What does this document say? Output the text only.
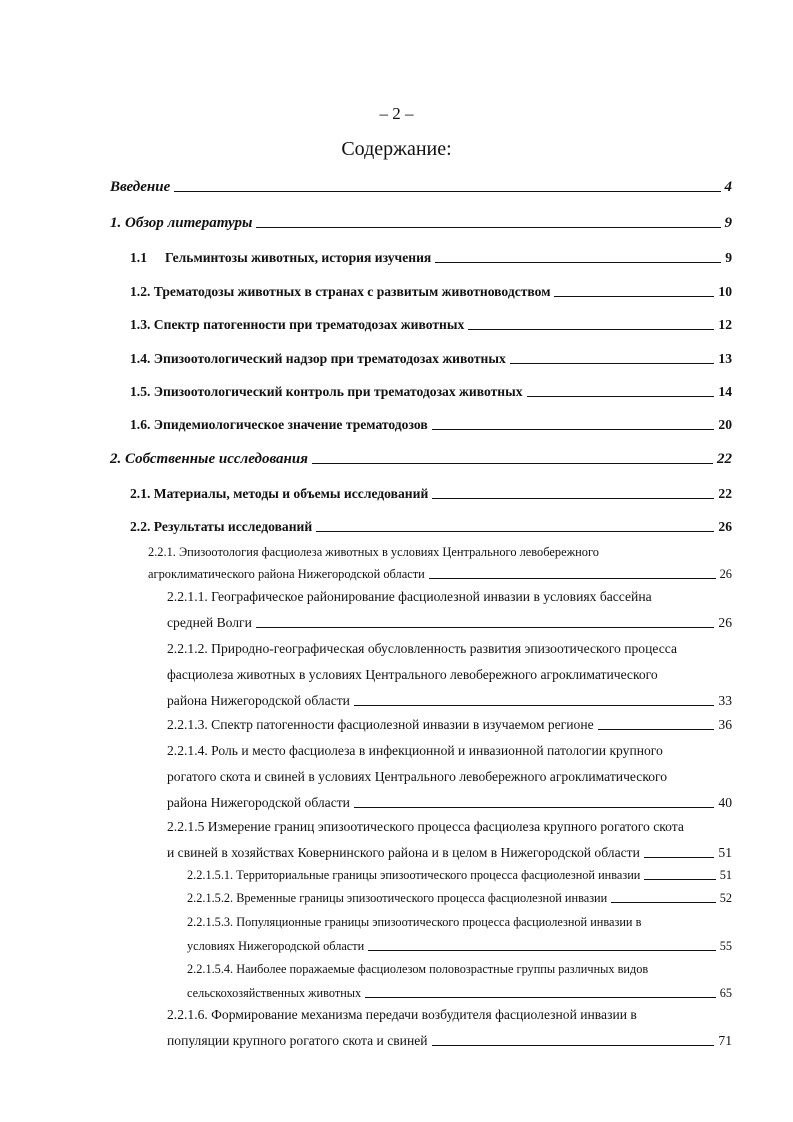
– 2 –
Содержание:
Введение	4
1. Обзор литературы	9
1.1 Гельминтозы животных, история изучения	9
1.2. Трематодозы животных в странах с развитым животноводством	10
1.3. Спектр патогенности при трематодозах животных	12
1.4. Эпизоотологический надзор при трематодозах животных	13
1.5. Эпизоотологический контроль при трематодозах животных	14
1.6. Эпидемиологическое значение трематодозов	20
2. Собственные исследования	22
2.1. Материалы, методы и объемы исследований	22
2.2. Результаты исследований	26
2.2.1. Эпизоотология фасциолеза животных в условиях Центрального левобережного
агроклиматического района Нижегородской области	26
2.2.1.1. Географическое районирование фасциолезной инвазии в условиях бассейна
средней Волги	26
2.2.1.2. Природно-географическая обусловленность развития эпизоотического процесса
фасциолеза животных в условиях Центрального левобережного агроклиматического
района Нижегородской области	33
2.2.1.3. Спектр патогенности фасциолезной инвазии в изучаемом регионе	36
2.2.1.4. Роль и место фасциолеза в инфекционной и инвазионной патологии крупного
рогатого скота и свиней в условиях Центрального левобережного агроклиматического
района Нижегородской области	40
2.2.1.5 Измерение границ эпизоотического процесса фасциолеза крупного рогатого скота
и свиней в хозяйствах Ковернинского района и в целом в Нижегородской области	51
2.2.1.5.1. Территориальные границы эпизоотического процесса фасциолезной инвазии	51
2.2.1.5.2. Временные границы эпизоотического процесса фасциолезной инвазии	52
2.2.1.5.3. Популяционные границы эпизоотического процесса фасциолезной инвазии в
условиях Нижегородской области	55
2.2.1.5.4. Наиболее поражаемые фасциолезом половозрастные группы различных видов
сельскохозяйственных животных	65
2.2.1.6. Формирование механизма передачи возбудителя фасциолезной инвазии в
популяции крупного рогатого скота и свиней	71
